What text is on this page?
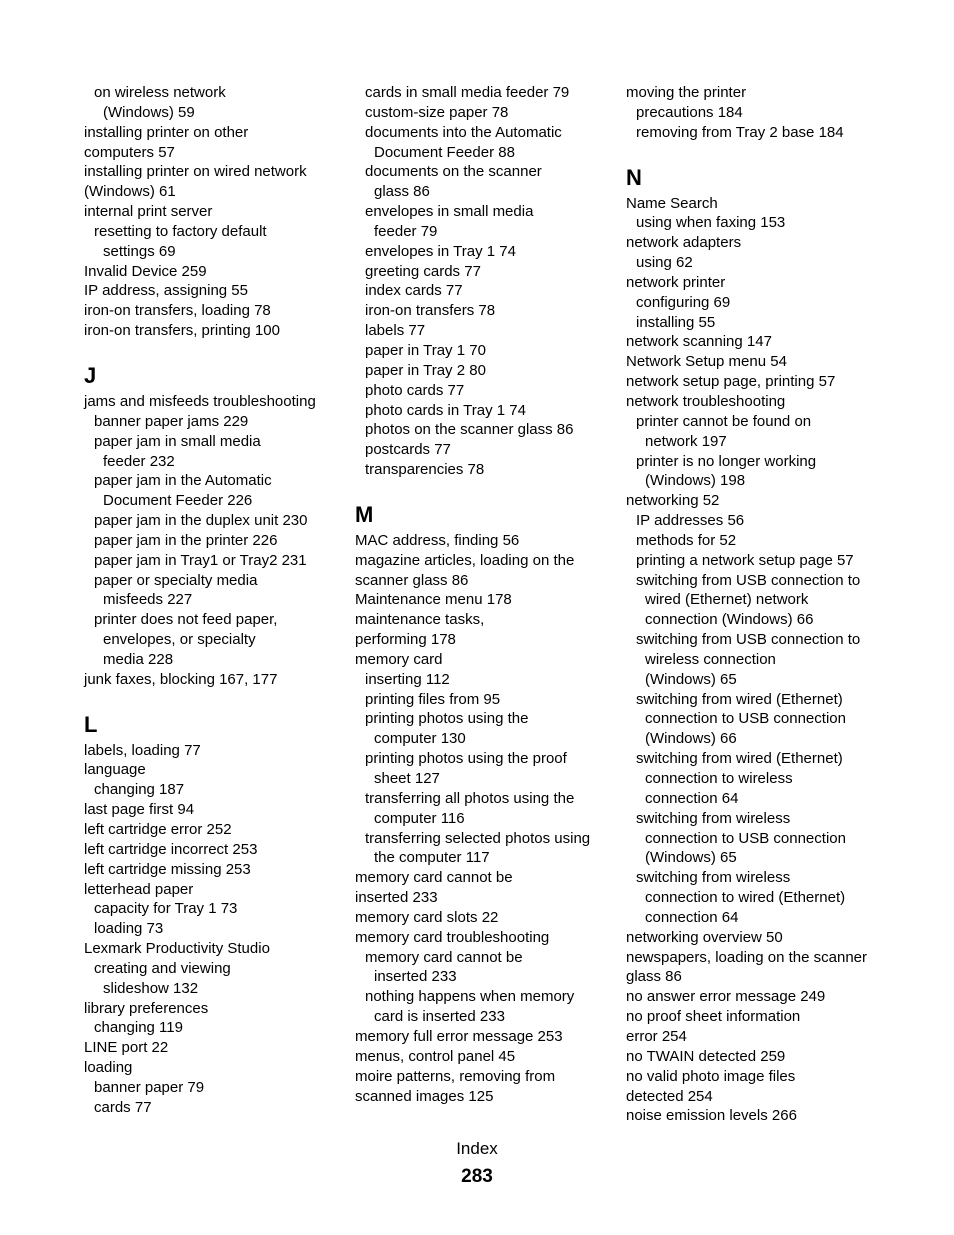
on wireless network
(Windows) 59
installing printer on other
computers 57
installing printer on wired network
(Windows) 61
internal print server
resetting to factory default
settings 69
Invalid Device 259
IP address, assigning 55
iron-on transfers, loading 78
iron-on transfers, printing 100
J
jams and misfeeds troubleshooting
banner paper jams 229
paper jam in small media
feeder 232
paper jam in the Automatic
Document Feeder 226
paper jam in the duplex unit 230
paper jam in the printer 226
paper jam in Tray1 or Tray2 231
paper or specialty media
misfeeds 227
printer does not feed paper,
envelopes, or specialty
media 228
junk faxes, blocking 167, 177
L
labels, loading 77
language
changing 187
last page first 94
left cartridge error 252
left cartridge incorrect 253
left cartridge missing 253
letterhead paper
capacity for Tray 1 73
loading 73
Lexmark Productivity Studio
creating and viewing
slideshow 132
library preferences
changing 119
LINE port 22
loading
banner paper 79
cards 77
cards in small media feeder 79
custom-size paper 78
documents into the Automatic
Document Feeder 88
documents on the scanner
glass 86
envelopes in small media
feeder 79
envelopes in Tray 1 74
greeting cards 77
index cards 77
iron-on transfers 78
labels 77
paper in Tray 1 70
paper in Tray 2 80
photo cards 77
photo cards in Tray 1 74
photos on the scanner glass 86
postcards 77
transparencies 78
M
MAC address, finding 56
magazine articles, loading on the
scanner glass 86
Maintenance menu 178
maintenance tasks,
performing 178
memory card
inserting 112
printing files from 95
printing photos using the
computer 130
printing photos using the proof
sheet 127
transferring all photos using the
computer 116
transferring selected photos using
the computer 117
memory card cannot be
inserted 233
memory card slots 22
memory card troubleshooting
memory card cannot be
inserted 233
nothing happens when memory
card is inserted 233
memory full error message 253
menus, control panel 45
moire patterns, removing from
scanned images 125
moving the printer
precautions 184
removing from Tray 2 base 184
N
Name Search
using when faxing 153
network adapters
using 62
network printer
configuring 69
installing 55
network scanning 147
Network Setup menu 54
network setup page, printing 57
network troubleshooting
printer cannot be found on
network 197
printer is no longer working
(Windows) 198
networking 52
IP addresses 56
methods for 52
printing a network setup page 57
switching from USB connection to
wired (Ethernet) network
connection (Windows) 66
switching from USB connection to
wireless connection
(Windows) 65
switching from wired (Ethernet)
connection to USB connection
(Windows) 66
switching from wired (Ethernet)
connection to wireless
connection 64
switching from wireless
connection to USB connection
(Windows) 65
switching from wireless
connection to wired (Ethernet)
connection 64
networking overview 50
newspapers, loading on the scanner
glass 86
no answer error message 249
no proof sheet information
error 254
no TWAIN detected 259
no valid photo image files
detected 254
noise emission levels 266
Index
283
